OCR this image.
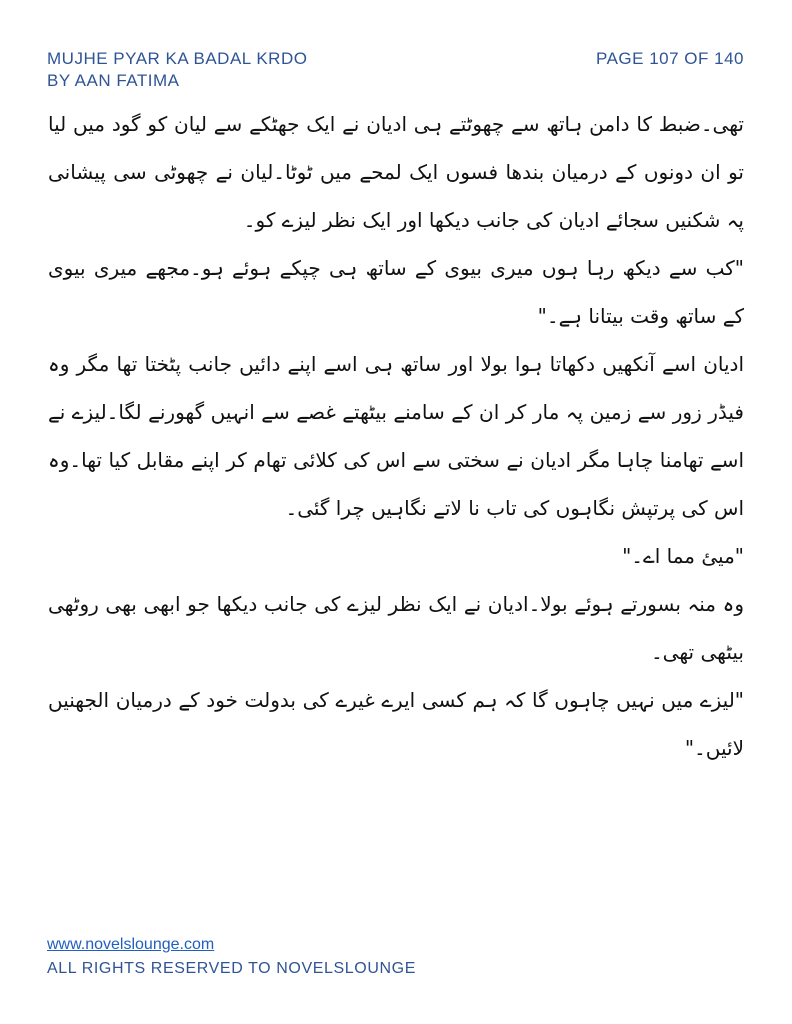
MUJHE PYAR KA BADAL KRDO
BY AAN FATIMA
PAGE 107 OF 140

تھی۔ضبط کا دامن ہاتھ سے چھوٹتے ہی ادیان نے ایک جھٹکے سے لیان کو گود میں لیا تو ان دونوں کے درمیان بندھا فسوں ایک لمحے میں ٹوٹا۔لیان نے چھوٹی سی پیشانی پہ شکنیں سجائے ادیان کی جانب دیکھا اور ایک نظر لیزے کو۔

"کب سے دیکھ رہا ہوں میری بیوی کے ساتھ ہی چپکے ہوئے ہو۔مجھے میری بیوی کے ساتھ وقت بیتانا ہے۔"

ادیان اسے آنکھیں دکھاتا ہوا بولا اور ساتھ ہی اسے اپنے دائیں جانب پٹختا تھا مگر وہ فیڈر زور سے زمین پہ مار کر ان کے سامنے بیٹھتے غصے سے انہیں گھورنے لگا۔لیزے نے اسے تھامنا چاہا مگر ادیان نے سختی سے اس کی کلائی تھام کر اپنے مقابل کیا تھا۔وہ اس کی پرتپش نگاہوں کی تاب نا لاتے نگاہیں چرا گئی۔

"میئ مما اے۔"

وہ منہ بسورتے ہوئے بولا۔ادیان نے ایک نظر لیزے کی جانب دیکھا جو ابھی بھی روٹھی بیٹھی تھی۔

"لیزے میں نہیں چاہوں گا کہ ہم کسی ایرے غیرے کی بدولت خود کے درمیان الجھنیں لائیں۔"

www.novelslounge.com
ALL RIGHTS RESERVED TO NOVELSLOUNGE
